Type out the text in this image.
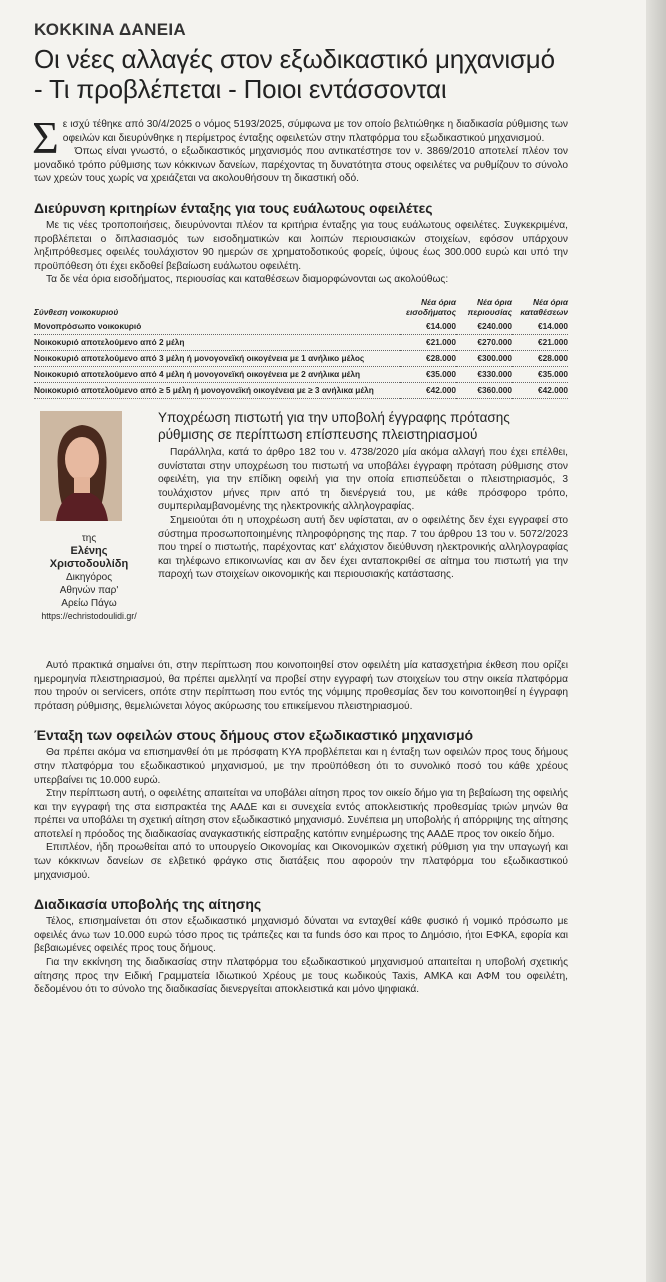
ΚΟΚΚΙΝΑ ΔΑΝΕΙΑ
Οι νέες αλλαγές στον εξωδικαστικό μηχανισμό - Τι προβλέπεται - Ποιοι εντάσσονται
Σ ε ισχύ τέθηκε από 30/4/2025 ο νόμος 5193/2025, σύμφωνα με τον οποίο βελτιώθηκε η διαδικασία ρύθμισης των οφειλών και διευρύνθηκε η περίμετρος ένταξης οφειλετών στην πλατφόρμα του εξωδικαστικού μηχανισμού.

Όπως είναι γνωστό, ο εξωδικαστικός μηχανισμός που αντικατέστησε τον ν. 3869/2010 αποτελεί πλέον τον μοναδικό τρόπο ρύθμισης των κόκκινων δανείων, παρέχοντας τη δυνατότητα στους οφειλέτες να ρυθμίζουν το σύνολο των χρεών τους χωρίς να χρειάζεται να ακολουθήσουν τη δικαστική οδό.

Διεύρυνση κριτηρίων ένταξης για τους ευάλωτους οφειλέτες

Με τις νέες τροποποιήσεις, διευρύνονται πλέον τα κριτήρια ένταξης για τους ευάλωτους οφειλέτες. Συγκεκριμένα, προβλέπεται ο διπλασιασμός των εισοδηματικών και λοιπών περιουσιακών στοιχείων, εφόσον υπάρχουν ληξιπρόθεσμες οφειλές τουλάχιστον 90 ημερών σε χρηματοδοτικούς φορείς, ύψους έως 300.000 ευρώ και υπό την προϋπόθεση ότι έχει εκδοθεί βεβαίωση ευάλωτου οφειλέτη.

Τα δε νέα όρια εισοδήματος, περιουσίας και καταθέσεων διαμορφώνονται ως ακολούθως:

Σύνθεση νοικοκυριού	Νέα όρια εισοδήματος	Νέα όρια περιουσίας	Νέα όρια καταθέσεων
Μονοπρόσωπο νοικοκυριό	€14.000	€240.000	€14.000
Νοικοκυριό αποτελούμενο από 2 μέλη	€21.000	€270.000	€21.000
Νοικοκυριό αποτελούμενο από 3 μέλη ή μονογονεϊκή οικογένεια με 1 ανήλικο μέλος	€28.000	€300.000	€28.000
Νοικοκυριό αποτελούμενο από 4 μέλη ή μονογονεϊκή οικογένεια με 2 ανήλικα μέλη	€35.000	€330.000	€35.000
Νοικοκυριό αποτελούμενο από ≥ 5 μέλη ή μονογονεϊκή οικογένεια με ≥ 3 ανήλικα μέλη	€42.000	€360.000	€42.000
της
Ελένης
Χριστοδουλίδη
Δικηγόρος
Αθηνών παρ'
Αρείω Πάγω
https://echristodoulidi.gr/
Υποχρέωση πιστωτή για την υποβολή έγγραφης πρότασης ρύθμισης σε περίπτωση επίσπευσης πλειστηριασμού

Παράλληλα, κατά το άρθρο 182 του ν. 4738/2020 μία ακόμα αλλαγή που έχει επέλθει, συνίσταται στην υποχρέωση του πιστωτή να υποβάλει έγγραφη πρόταση ρύθμισης στον οφειλέτη, για την επίδικη οφειλή για την οποία επισπεύδεται ο πλειστηριασμός, 3 τουλάχιστον μήνες πριν από τη διενέργειά του, με κάθε πρόσφορο τρόπο, συμπεριλαμβανομένης της ηλεκτρονικής αλληλογραφίας.

Σημειούται ότι η υποχρέωση αυτή δεν υφίσταται, αν ο οφειλέτης δεν έχει εγγραφεί στο σύστημα προσωποποιημένης πληροφόρησης της παρ. 7 του άρθρου 13 του ν. 5072/2023 που τηρεί ο πιστωτής, παρέχοντας κατ' ελάχιστον διεύθυνση ηλεκτρονικής αλληλογραφίας και τηλέφωνο επικοινωνίας και αν δεν έχει ανταποκριθεί σε αίτημα του πιστωτή για την παροχή των στοιχείων οικονομικής και περιουσιακής κατάστασης.

Αυτό πρακτικά σημαίνει ότι, στην περίπτωση που κοινοποιηθεί στον οφειλέτη μία κατασχετήρια έκθεση που ορίζει ημερομηνία πλειστηριασμού, θα πρέπει αμελλητί να προβεί στην εγγραφή των στοιχείων του στην οικεία πλατφόρμα που τηρούν οι servicers, οπότε στην περίπτωση που εντός της νόμιμης προθεσμίας δεν του κοινοποιηθεί η έγγραφη πρόταση ρύθμισης, θεμελιώνεται λόγος ακύρωσης του επικείμενου πλειστηριασμού.

Ένταξη των οφειλών στους δήμους στον εξωδικαστικό μηχανισμό

Θα πρέπει ακόμα να επισημανθεί ότι με πρόσφατη ΚΥΑ προβλέπεται και η ένταξη των οφειλών προς τους δήμους στην πλατφόρμα του εξωδικαστικού μηχανισμού, με την προϋπόθεση ότι το συνολικό ποσό του κάθε χρέους υπερβαίνει τις 10.000 ευρώ.

Στην περίπτωση αυτή, ο οφειλέτης απαιτείται να υποβάλει αίτηση προς τον οικείο δήμο για τη βεβαίωση της οφειλής και την εγγραφή της στα εισπρακτέα της ΑΑΔΕ και ει συνεχεία εντός αποκλειστικής προθεσμίας τριών μηνών θα πρέπει να υποβάλει τη σχετική αίτηση στον εξωδικαστικό μηχανισμό. Συνέπεια μη υποβολής ή απόρριψης της αίτησης αποτελεί η πρόοδος της διαδικασίας αναγκαστικής είσπραξης κατόπιν ενημέρωσης της ΑΑΔΕ προς τον οικείο δήμο.

Επιπλέον, ήδη προωθείται από το υπουργείο Οικονομίας και Οικονομικών σχετική ρύθμιση για την υπαγωγή και των κόκκινων δανείων σε ελβετικό φράγκο στις διατάξεις που αφορούν την πλατφόρμα του εξωδικαστικού μηχανισμού.

Διαδικασία υποβολής της αίτησης

Τέλος, επισημαίνεται ότι στον εξωδικαστικό μηχανισμό δύναται να ενταχθεί κάθε φυσικό ή νομικό πρόσωπο με οφειλές άνω των 10.000 ευρώ τόσο προς τις τράπεζες και τα funds όσο και προς το Δημόσιο, ήτοι ΕΦΚΑ, εφορία και βεβαιωμένες οφειλές προς τους δήμους.

Για την εκκίνηση της διαδικασίας στην πλατφόρμα του εξωδικαστικού μηχανισμού απαιτείται η υποβολή σχετικής αίτησης προς την Ειδική Γραμματεία Ιδιωτικού Χρέους με τους κωδικούς Taxis, ΑΜΚΑ και ΑΦΜ του οφειλέτη, δεδομένου ότι το σύνολο της διαδικασίας διενεργείται αποκλειστικά και μόνο ψηφιακά.
